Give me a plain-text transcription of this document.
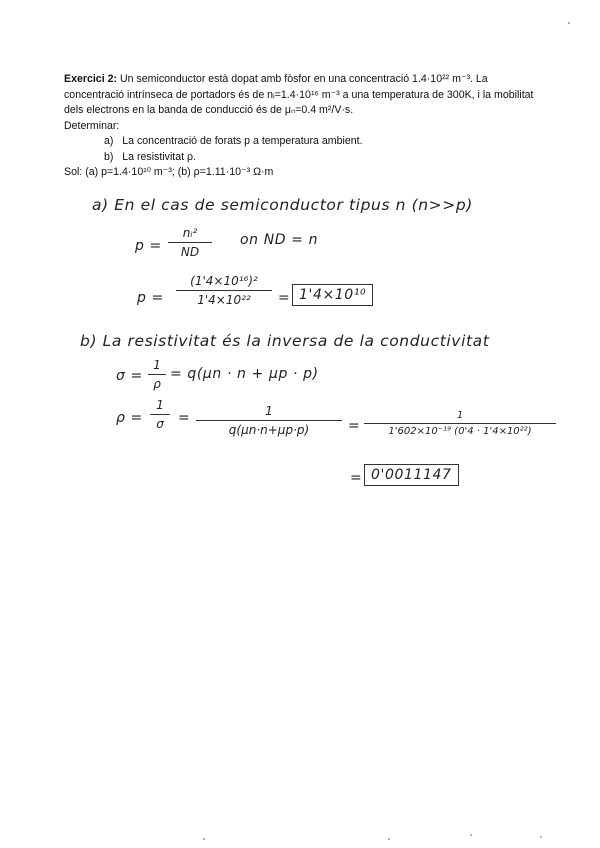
Exercici 2: Un semiconductor està dopat amb fòsfor en una concentració 1.4·10²² m⁻³. La concentració intrínseca de portadors és de nᵢ=1.4·10¹⁶ m⁻³ a una temperatura de 300K, i la mobilitat dels electrons en la banda de conducció és de μₙ=0.4 m²/V·s.

Determinar:

a) La concentració de forats p a temperatura ambient.
b) La resistivitat ρ.

Sol: (a) p=1.4·10¹⁰ m⁻³; (b) ρ=1.11·10⁻³ Ω·m

a) En el cas de semiconductor tipus n (n>>p)
p =
nᵢ²
ND
on ND = n
p =
(1'4×10¹⁶)²
1'4×10²²	= 1'4×10¹⁰
b) La resistivitat és la inversa de la conductivitat
σ =
1
ρ
= q(μn · n + μp · p)
ρ =
1
σ	=	1
q(μn·n+μp·p)	=
1
1'602×10⁻¹⁹ (0'4 · 1'4×10²²)
= 0'0011147
